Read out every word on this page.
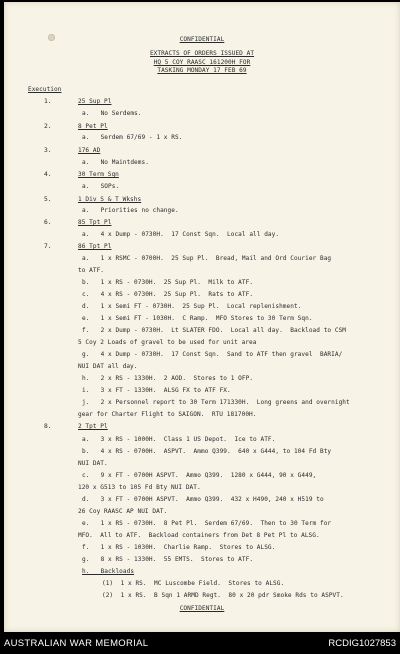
CONFIDENTIAL
EXTRACTS OF ORDERS ISSUED AT
HQ 5 COY RAASC 161200H FOR
TASKING MONDAY 17 FEB 69
Execution
1.	25 Sup Pl
a.   No Serdems.
2.	8 Pet Pl
a.   Serdem 67/69 - 1 x RS.
3.	176 AD
a.   No Maintdems.
4.	30 Term Sqn
a.   SOPs.
5.	1 Div S & T Wkshs
a.   Priorities no change.
6.	85 Tpt Pl
a.   4 x Dump - 0730H.  17 Const Sqn.  Local all day.
7.	86 Tpt Pl
a.   1 x RSMC - 0700H.  25 Sup Pl.  Bread, Mail and Ord Courier Bag
to ATF.
b.   1 x RS - 0730H.  25 Sup Pl.  Milk to ATF.
c.   4 x RS - 0730H.  25 Sup Pl.  Rats to ATF.
d.   1 x Semi FT - 0730H.  25 Sup Pl.  Local replenishment.
e.   1 x Semi FT - 1030H.  C Ramp.  MFO Stores to 30 Term Sqn.
f.   2 x Dump - 0730H.  Lt SLATER FDO.  Local all day.  Backload to CSM
5 Coy 2 Loads of gravel to be used for unit area
g.   4 x Dump - 0730H.  17 Const Sqn.  Sand to ATF then gravel  BARIA/
NUI DAT all day.
h.   2 x RS - 1330H.  2 AOD.  Stores to 1 OFP.
i.   3 x FT - 1330H.  ALSG FX to ATF FX.
j.   2 x Personnel report to 30 Term 171330H.  Long greens and overnight
gear for Charter Flight to SAIGON.  RTU 181700H.
8.	2 Tpt Pl
a.   3 x RS - 1000H.  Class 1 US Depot.  Ice to ATF.
b.   4 x RS - 0700H.  ASPVT.  Ammo Q399.  640 x G444, to 104 Fd Bty
NUI DAT.
c.   9 x FT - 0700H ASPVT.  Ammo Q399.  1280 x G444, 90 x G449,
120 x G513 to 105 Fd Bty NUI DAT.
d.   3 x FT - 0700H ASPVT.  Ammo Q399.  432 x H490, 240 x H519 to
26 Coy RAASC AP NUI DAT.
e.   1 x RS - 0730H.  8 Pet Pl.  Serdem 67/69.  Then to 30 Term for
MFO.  All to ATF.  Backload containers from Det 8 Pet Pl to ALSG.
f.   1 x RS - 1030H.  Charlie Ramp.  Stores to ALSG.
g.   8 x RS - 1330H.  55 EMTS.  Stores to ATF.
h.   Backloads
(1)  1 x RS.  MC Luscombe Field.  Stores to ALSG.
(2)  1 x RS.  B Sqn 1 ARMD Regt.  80 x 20 pdr Smoke Rds to ASPVT.
CONFIDENTIAL
AUSTRALIAN WAR MEMORIAL	RCDIG1027853
